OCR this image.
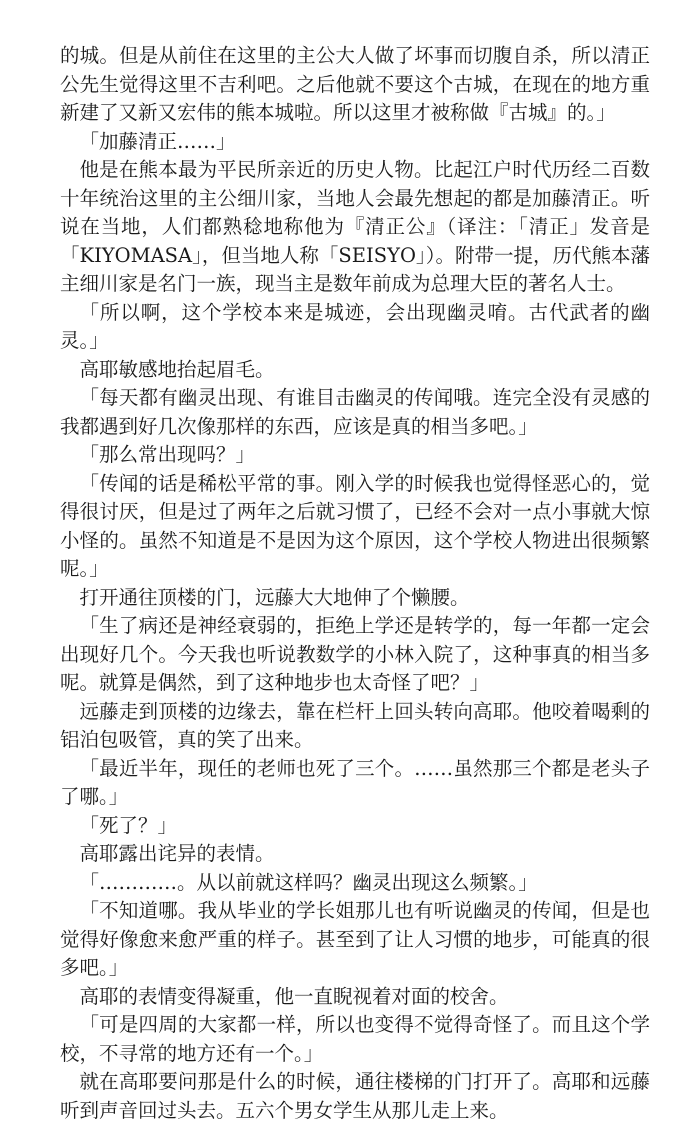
的城。但是从前住在这里的主公大人做了坏事而切腹自杀，所以清正公先生觉得这里不吉利吧。之后他就不要这个古城，在现在的地方重新建了又新又宏伟的熊本城啦。所以这里才被称做『古城』的。」

「加藤清正……」

他是在熊本最为平民所亲近的历史人物。比起江户时代历经二百数十年统治这里的主公细川家，当地人会最先想起的都是加藤清正。听说在当地，人们都熟稔地称他为『清正公』（译注：「清正」发音是「KIYOMASA」，但当地人称「SEISYO」）。附带一提，历代熊本藩主细川家是名门一族，现当主是数年前成为总理大臣的著名人士。

「所以啊，这个学校本来是城迹，会出现幽灵唷。古代武者的幽灵。」

高耶敏感地抬起眉毛。

「每天都有幽灵出现、有谁目击幽灵的传闻哦。连完全没有灵感的我都遇到好几次像那样的东西，应该是真的相当多吧。」

「那么常出现吗？」

「传闻的话是稀松平常的事。刚入学的时候我也觉得怪恶心的，觉得很讨厌，但是过了两年之后就习惯了，已经不会对一点小事就大惊小怪的。虽然不知道是不是因为这个原因，这个学校人物进出很频繁呢。」

打开通往顶楼的门，远藤大大地伸了个懒腰。

「生了病还是神经衰弱的，拒绝上学还是转学的，每一年都一定会出现好几个。今天我也听说教数学的小林入院了，这种事真的相当多呢。就算是偶然，到了这种地步也太奇怪了吧？」

远藤走到顶楼的边缘去，靠在栏杆上回头转向高耶。他咬着喝剩的铝泊包吸管，真的笑了出来。

「最近半年，现任的老师也死了三个。……虽然那三个都是老头子了哪。」

「死了？」

高耶露出诧异的表情。

「…………。从以前就这样吗？幽灵出现这么频繁。」

「不知道哪。我从毕业的学长姐那儿也有听说幽灵的传闻，但是也觉得好像愈来愈严重的样子。甚至到了让人习惯的地步，可能真的很多吧。」

高耶的表情变得凝重，他一直睨视着对面的校舍。

「可是四周的大家都一样，所以也变得不觉得奇怪了。而且这个学校，不寻常的地方还有一个。」

就在高耶要问那是什么的时候，通往楼梯的门打开了。高耶和远藤听到声音回过头去。五六个男女学生从那儿走上来。
